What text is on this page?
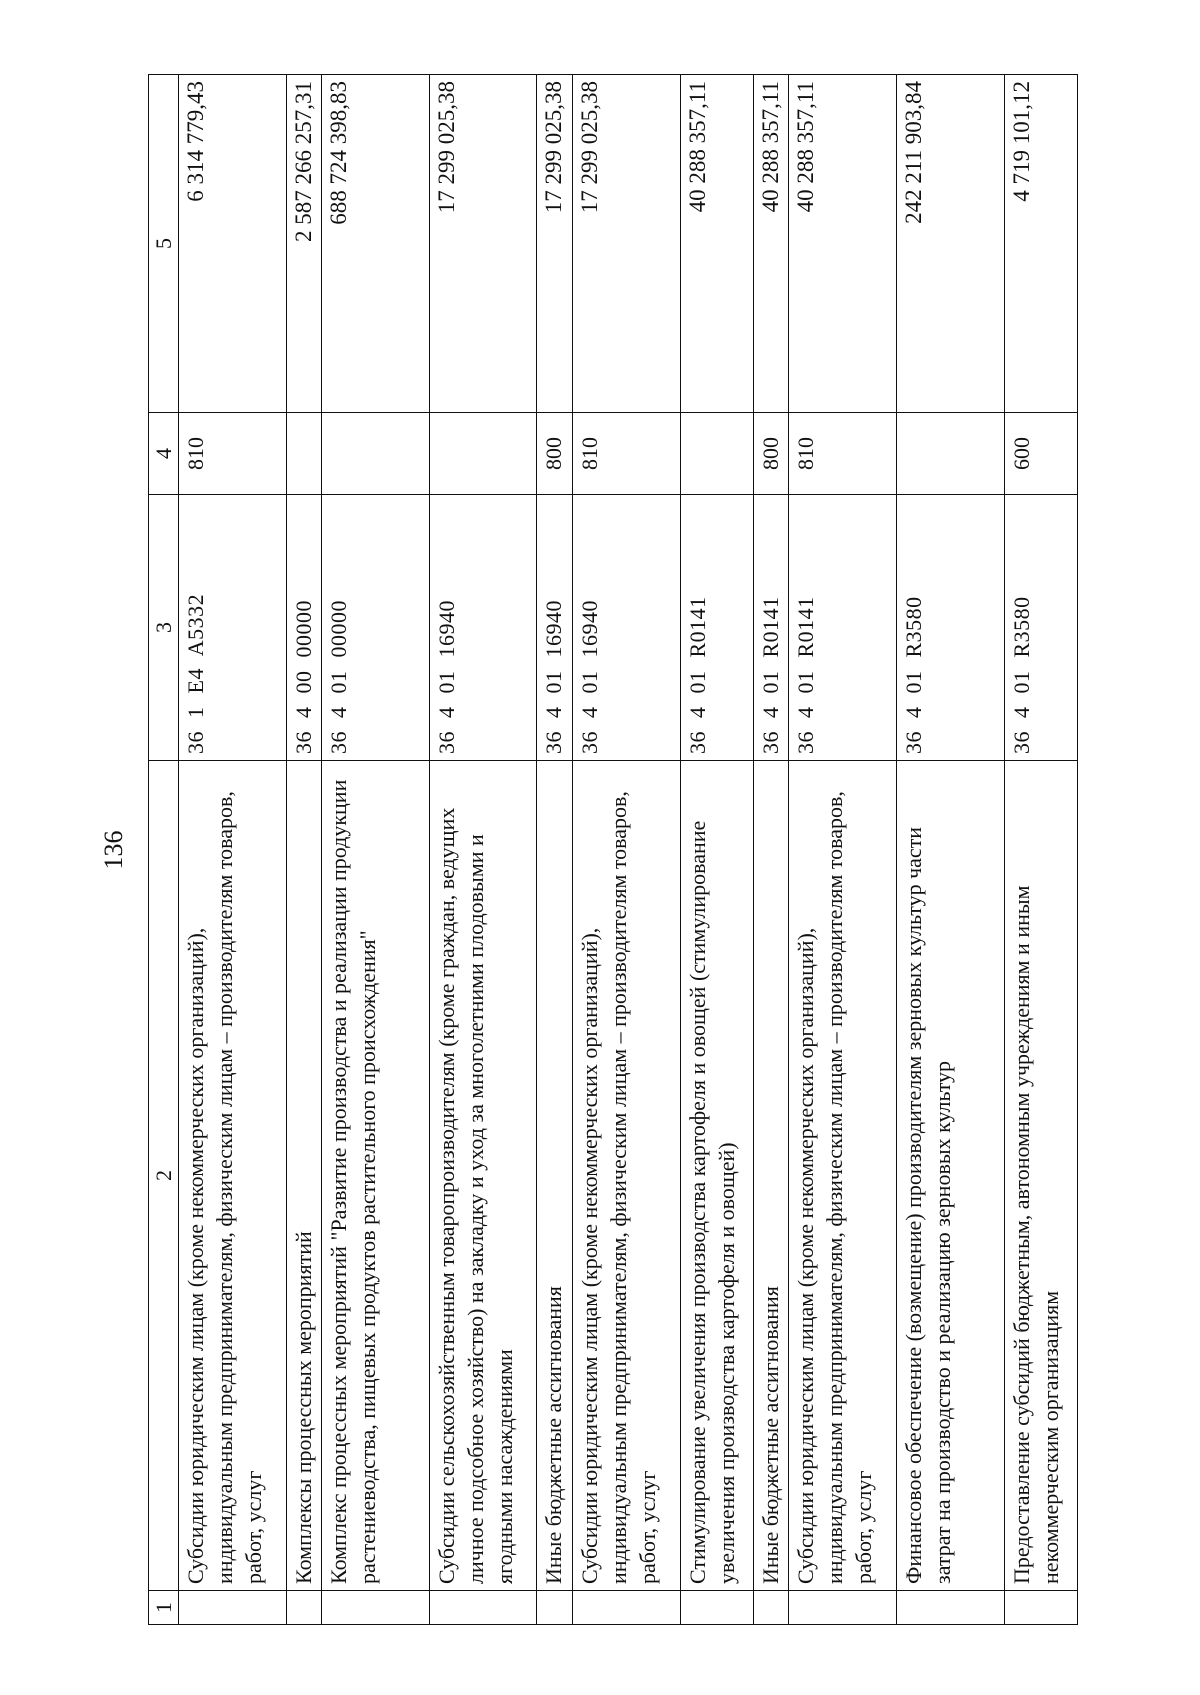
136
1	2	3	4	5
	Субсидии юридическим лицам (кроме некоммерческих организаций), индивидуальным предпринимателям, физическим лицам – производителям товаров, работ, услуг	36 1 E4 A5332	810	6 314 779,43
	Комплексы процессных мероприятий	36 4 00 00000		2 587 266 257,31
	Комплекс процессных мероприятий "Развитие производства и реализации продукции растениеводства, пищевых продуктов растительного происхождения"	36 4 01 00000		688 724 398,83
	Субсидии сельскохозяйственным товаропроизводителям (кроме граждан, ведущих личное подсобное хозяйство) на закладку и уход за многолетними плодовыми и ягодными насаждениями	36 4 01 16940		17 299 025,38
	Иные бюджетные ассигнования	36 4 01 16940	800	17 299 025,38
	Субсидии юридическим лицам (кроме некоммерческих организаций), индивидуальным предпринимателям, физическим лицам – производителям товаров, работ, услуг	36 4 01 16940	810	17 299 025,38
	Стимулирование увеличения производства картофеля и овощей (стимулирование увеличения производства картофеля и овощей)	36 4 01 R0141		40 288 357,11
	Иные бюджетные ассигнования	36 4 01 R0141	800	40 288 357,11
	Субсидии юридическим лицам (кроме некоммерческих организаций), индивидуальным предпринимателям, физическим лицам – производителям товаров, работ, услуг	36 4 01 R0141	810	40 288 357,11
	Финансовое обеспечение (возмещение) производителям зерновых культур части затрат на производство и реализацию зерновых культур	36 4 01 R3580		242 211 903,84
	Предоставление субсидий бюджетным, автономным учреждениям и иным некоммерческим организациям	36 4 01 R3580	600	4 719 101,12
